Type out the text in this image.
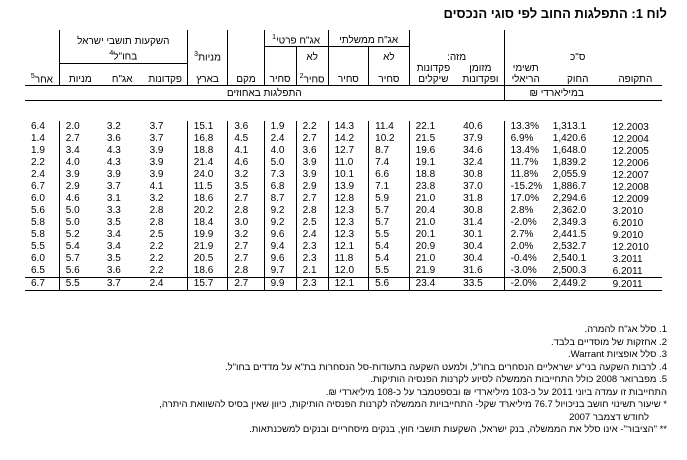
לוח 1: התפלגות החוב לפי סוגי הנכסים
					אג"ח ממשלתי		אג"ח פרטי$^1$				השקעות תושבי ישראל			
	ס"כ		מזה:		לא		לא			מניות$^3$	בחו"ל$^4$	
התקופה	החוק	תשימי
הריאלי	מזומן
ופקדונות	פקדונות
שיקלים	סחיר	סחיר	סחיר$^2$	סחיר	מקם	בארץ	פקדונות	אג"ח	מניות	אחר$^5$
	במיליארדי ₪		התפלגות באחוזים											

12.2003	1,313.1	13.3%	40.6	22.1	11.4	14.3	2.2	1.9	3.6	15.1	3.7	3.2	2.0	6.4
12.2004	1,420.6	6.9%	37.9	21.5	10.2	14.2	2.7	2.4	4.5	16.8	3.7	3.6	2.7	1.4
12.2005	1,648.0	13.4%	34.6	19.6	8.7	12.7	3.6	4.0	4.1	18.8	3.9	4.3	3.4	1.9
12.2006	1,839.2	11.7%	32.4	19.1	7.4	11.0	3.9	5.0	4.6	21.4	3.9	4.3	4.0	2.2
12.2007	2,055.9	11.8%	30.8	18.8	6.6	10.1	3.9	7.3	3.2	24.0	3.9	3.9	3.9	2.4
12.2008	1,886.7	-15.2%	37.0	23.8	7.1	13.9	2.9	6.8	3.5	11.5	4.1	3.7	2.9	6.7
12.2009	2,294.6	17.0%	31.8	21.0	5.9	12.8	2.7	8.7	2.7	18.6	3.2	3.1	4.6	6.0
3.2010	2,362.0	2.8%	30.8	20.4	5.7	12.3	2.8	9.2	2.8	20.2	2.8	3.3	5.0	5.6
6.2010	2,349.3	-2.0%	31.4	21.0	5.7	12.3	2.5	9.2	3.0	18.4	2.8	3.5	5.0	5.8
9.2010	2,441.5	2.7%	30.1	20.1	5.5	12.3	2.4	9.6	3.2	19.9	2.5	3.4	5.2	5.8
12.2010	2,532.7	2.0%	30.4	20.9	5.4	12.1	2.3	9.4	2.7	21.9	2.2	3.4	5.4	5.5
3.2011	2,540.1	-0.4%	30.4	21.0	5.4	11.8	2.3	9.6	2.7	20.5	2.2	3.5	5.7	6.0
6.2011	2,500.3	-3.0%	31.6	21.9	5.5	12.0	2.1	9.7	2.8	18.6	2.2	3.6	5.6	6.5
9.2011	2,449.2	-2.0%	33.5	23.4	5.6	12.1	2.3	9.9	2.7	15.7	2.4	3.7	5.5	6.7
1. סלל אג"ח להמרה.
2. אחזקות של מוסדיים בלבד.
3. סלל אופציות Warrant.
4. לרבות השקעה בני"ע ישראליים הנסחרים בחו"ל, ולמעט השקעה בתעודות-סל הנסחרות בת"א על מדדים בחו"ל.
5. מפברואר 2008 כולל התחייבות הממשלה לסיוע לקרנות הפנסיה הותיקות.
התחייבות זו עמדה ביוני 2011 על כ-103 מיליארדי ₪ ובספטמבר על כ-108 מיליארדי ₪.
* שיעור תשינוי חושב בניכויול 76.7 מיליארד שקל- התחייבויות הממשלה לקרנות הפנסיה הותיקות, כיוון שאין בסיס להשוואת היתרה,
לחודש דצמבר 2007
** "הציבור"- אינו סלל את הממשלה, בנק ישראל, השקעות תושבי חוץ, בנקים מיסחריים ובנקים למשכנתאות.
